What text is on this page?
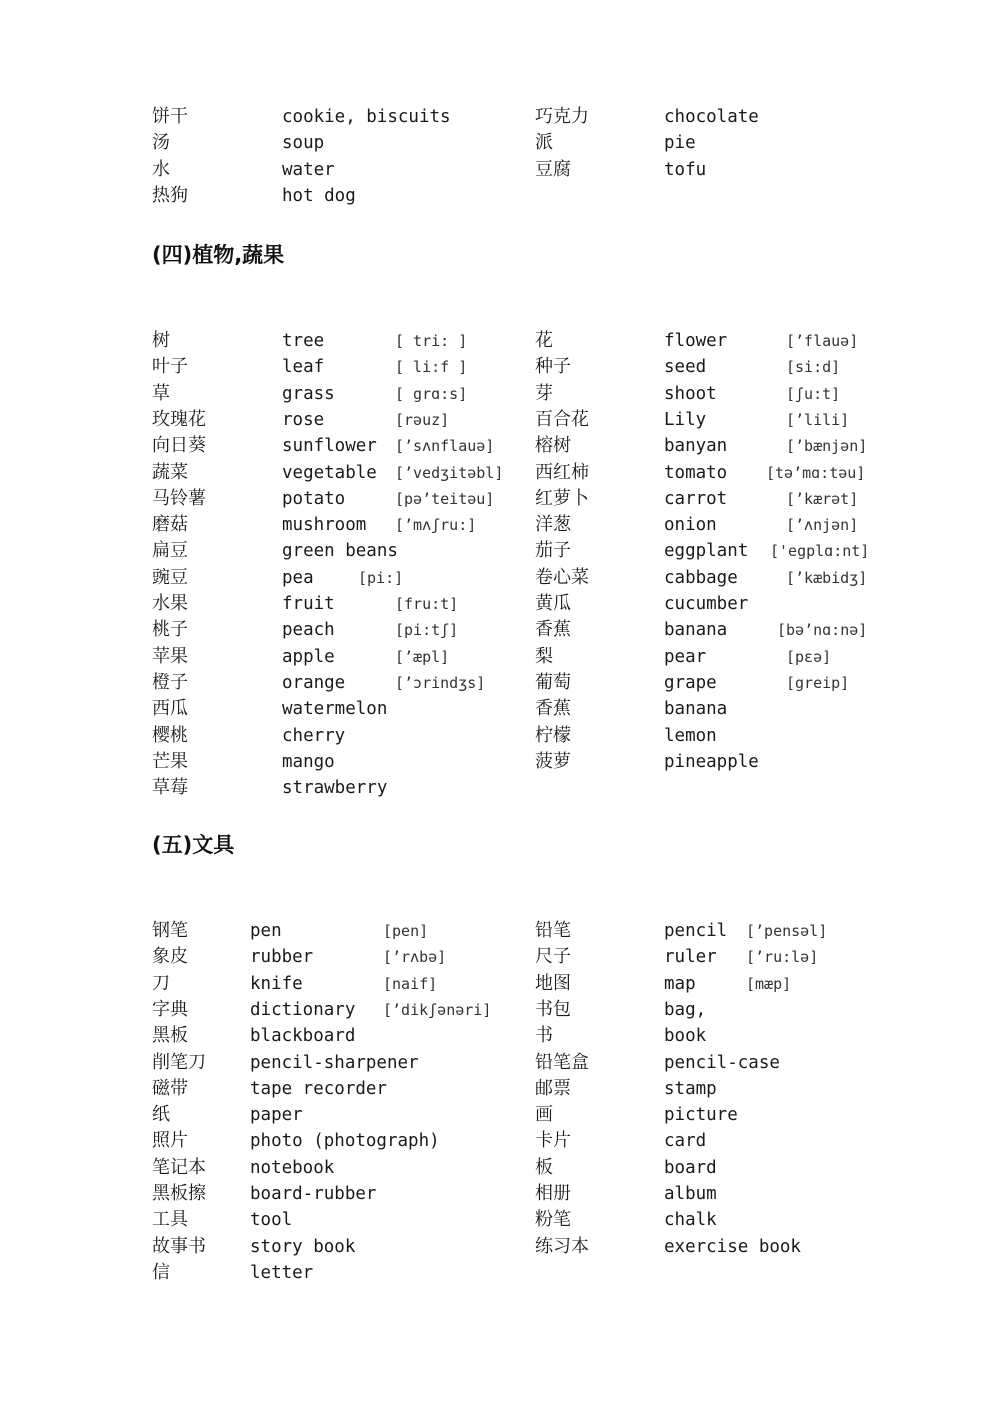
饼干	cookie, biscuits	巧克力	chocolate
汤	soup	派	pie
水	water	豆腐	tofu
热狗	hot dog
(四)植物,蔬果
树	tree	[ tri: ]	花	flower	[’flauə]
叶子	leaf	[ li:f ]	种子	seed	[si:d]
草	grass	[ grɑ:s]	芽	shoot	[ʃu:t]
玫瑰花	rose	[rəuz]	百合花	Lily	[’lili]
向日葵	sunflower [’sʌnflauə] 榕树	banyan	[’bænjən]
蔬菜	vegetable [’vedʒitəbl] 西红柿	tomato	[tə’mɑ:təu]
马铃薯	potato	[pə’teitəu] 红萝卜	carrot	[’kærət]
磨菇	mushroom [’mʌʃru:]	洋葱	onion	[’ʌnjən]
扁豆	green beans	茄子	eggplant ['egplɑ:nt]
豌豆	pea	[pi:]	卷心菜	cabbage	[’kæbidʒ]
水果	fruit	[fru:t]	黄瓜	cucumber
桃子	peach	[pi:tʃ]	香蕉	banana	[bə’nɑ:nə]
苹果	apple	[’æpl]	梨	pear	[pεə]
橙子	orange	[’ɔrindʒs]	葡萄	grape	[greip]
西瓜	watermelon	香蕉	banana
樱桃	cherry	柠檬	lemon
芒果	mango	菠萝	pineapple
草莓	strawberry
(五)文具
钢笔	pen	[pen]	铅笔	pencil [’pensəl]
象皮	rubber	[’rʌbə]	尺子	ruler [’ru:lə]
刀	knife	[naif]	地图	map	[mæp]
字典	dictionary [’dikʃənəri] 书包	bag,
黑板	blackboard	书	book
削笔刀	pencil-sharpener	铅笔盒	pencil-case
磁带	tape recorder	邮票	stamp
纸	paper	画	picture
照片	photo (photograph)	卡片	card
笔记本	notebook	板	board
黑板擦	board-rubber	相册	album
工具	tool	粉笔	chalk
故事书	story book	练习本	exercise book
信	letter
